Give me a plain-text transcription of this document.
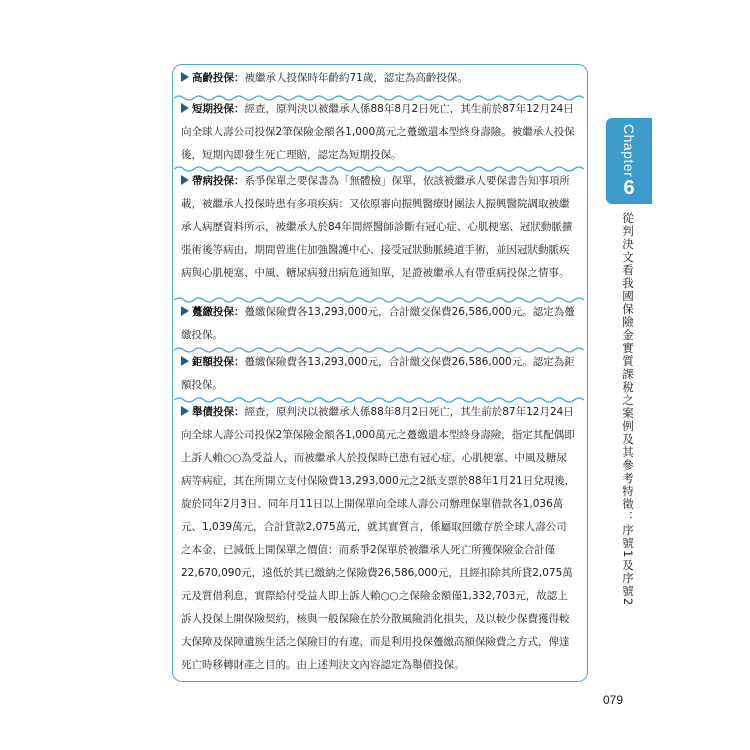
高齡投保：被繼承人投保時年齡約71歲，認定為高齡投保。

短期投保：經查，原判決以被繼承人係88年8月2日死亡，其生前於87年12月24日向全球人壽公司投保2筆保險金額各1,000萬元之躉繳還本型終身壽險。被繼承人投保後，短期內即發生死亡理賠，認定為短期投保。

帶病投保：系爭保單之要保書為「無體檢」保單，依該被繼承人要保書告知事項所載，被繼承人投保時患有多項疾病：又依原審向振興醫療財團法人振興醫院調取被繼承人病歷資料所示，被繼承人於84年間經醫師診斷有冠心症、心肌梗塞、冠狀動脈擴張術後等病由，期間曾進住加強醫護中心、接受冠狀動脈繞道手術，並因冠狀動脈疾病與心肌梗塞、中風、糖尿病發出病危通知單，足證被繼承人有帶重病投保之情事。

躉繳投保：躉繳保險費各13,293,000元，合計繳交保費26,586,000元。認定為躉繳投保。

鉅額投保：躉繳保險費各13,293,000元，合計繳交保費26,586,000元。認定為鉅額投保。

舉債投保：經查，原判決以被繼承人係88年8月2日死亡，其生前於87年12月24日向全球人壽公司投保2筆保險金額各1,000萬元之躉繳還本型終身壽險，指定其配偶即上訴人賴○○為受益人，而被繼承人於投保時已患有冠心症、心肌梗塞、中風及糖尿病等病症，其在所開立支付保險費13,293,000元之2紙支票於88年1月21日兌現後，旋於同年2月3日、同年月11日以上開保單向全球人壽公司辦理保單借款各1,036萬元、1,039萬元，合計貸款2,075萬元，就其實質言，係屬取回繳存於全球人壽公司之本金，已減低上開保單之價值：而系爭2保單於被繼承人死亡所獲保險金合計僅22,670,090元，遠低於其已繳納之保險費26,586,000元，且經扣除其所貸2,075萬元及質借利息，實際給付受益人即上訴人賴○○之保險金額僅1,332,703元，故認上訴人投保上開保險契約，核與一般保險在於分散風險消化損失，及以較少保費獲得較大保障及保障遺族生活之保險目的有違，而是利用投保躉繳高額保險費之方式，俾達死亡時移轉財產之目的。由上述判決文內容認定為舉債投保。

Chapter
6
從判決文看我國保險金實質課稅之案例及其參考特徵：序號1及序號2
079
